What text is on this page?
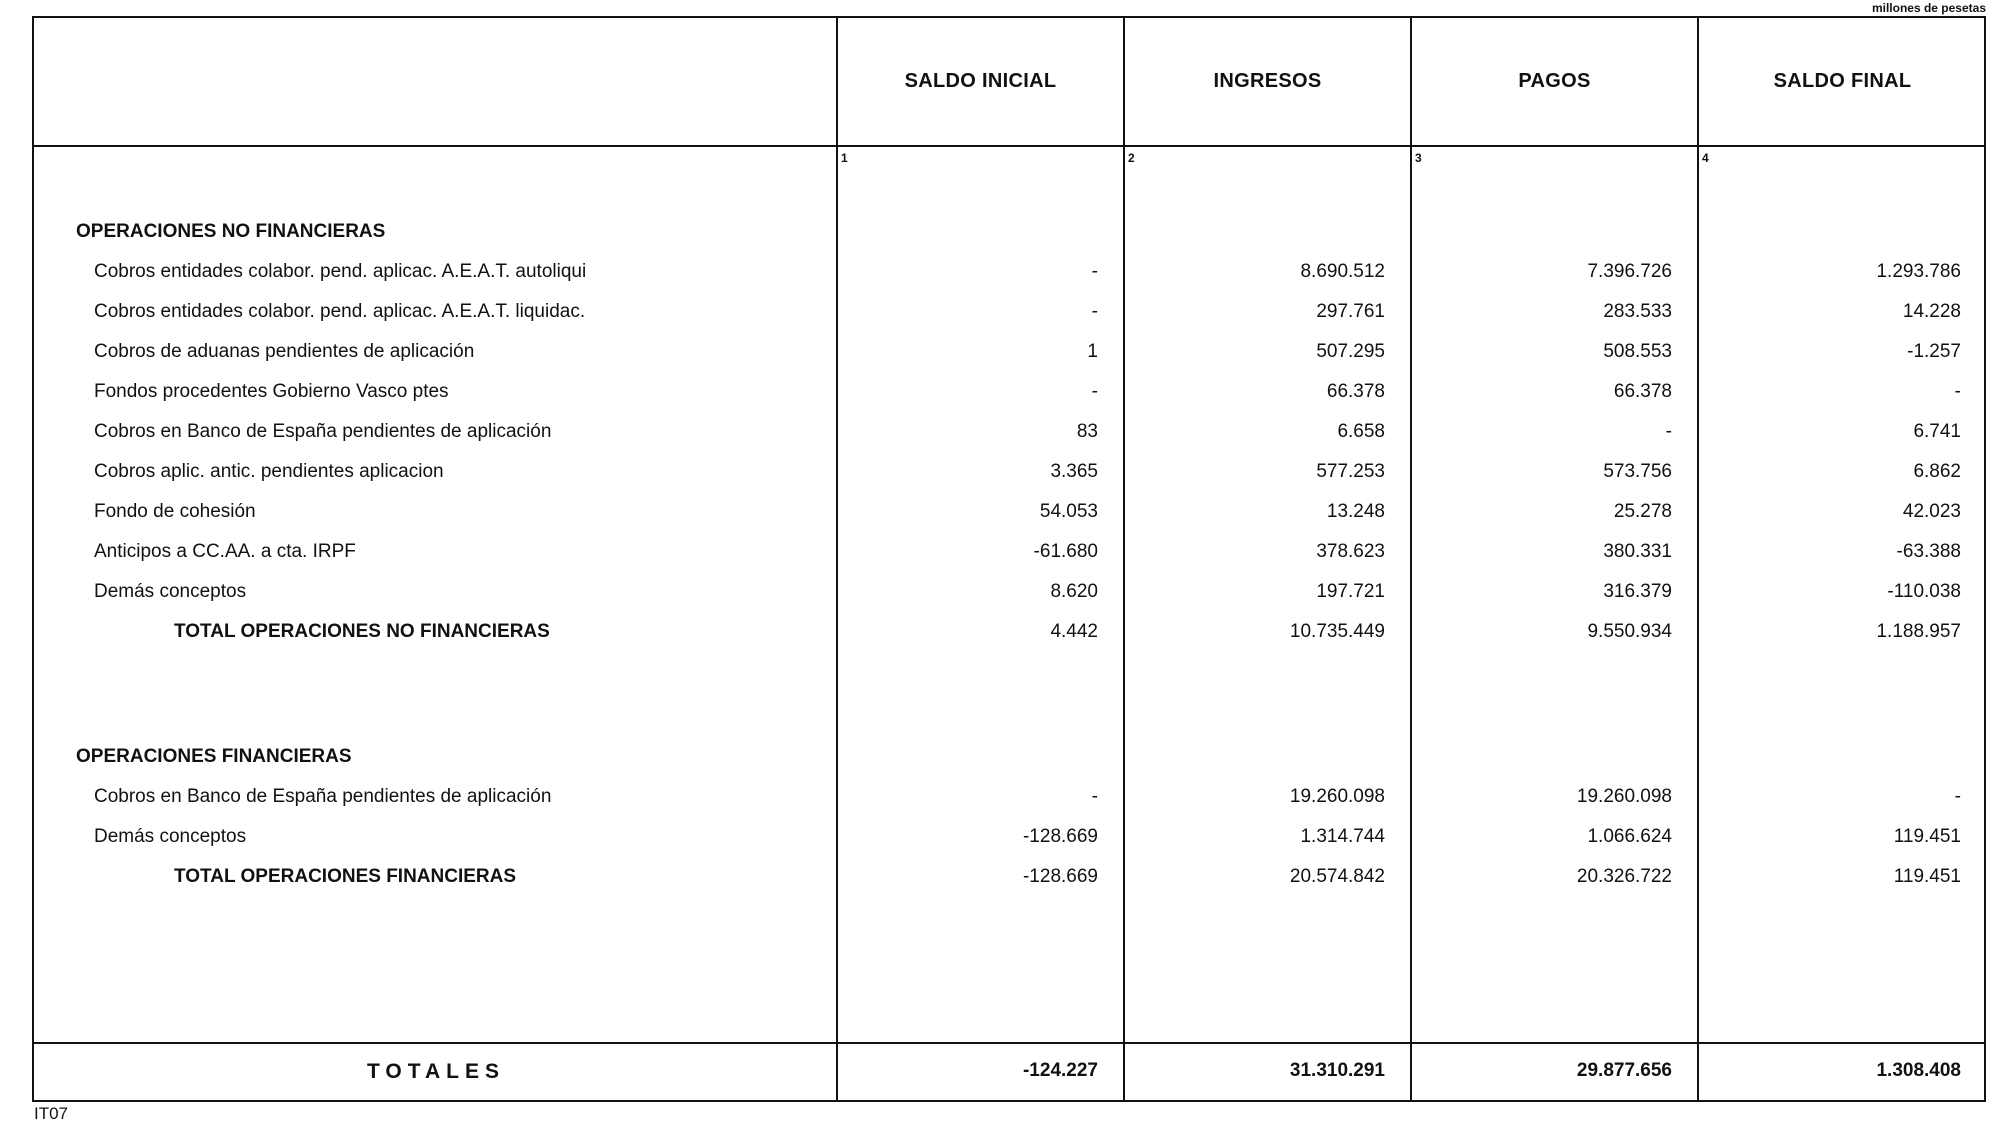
millones de pesetas
SALDO INICIAL	INGRESOS	PAGOS	SALDO FINAL
1	2	3	4
OPERACIONES NO FINANCIERAS
Cobros entidades colabor. pend. aplicac. A.E.A.T. autoliqui	-	8.690.512	7.396.726	1.293.786
Cobros entidades colabor. pend. aplicac. A.E.A.T. liquidac.	-	297.761	283.533	14.228
Cobros de aduanas pendientes de aplicación	1	507.295	508.553	-1.257
Fondos procedentes Gobierno Vasco ptes	-	66.378	66.378	-
Cobros en Banco de España pendientes de aplicación	83	6.658	-	6.741
Cobros aplic. antic. pendientes aplicacion	3.365	577.253	573.756	6.862
Fondo de cohesión	54.053	13.248	25.278	42.023
Anticipos a CC.AA. a cta. IRPF	-61.680	378.623	380.331	-63.388
Demás conceptos	8.620	197.721	316.379	-110.038
TOTAL OPERACIONES NO FINANCIERAS	4.442	10.735.449	9.550.934	1.188.957
OPERACIONES FINANCIERAS
Cobros en Banco de España pendientes de aplicación	-	19.260.098	19.260.098	-
Demás conceptos	-128.669	1.314.744	1.066.624	119.451
TOTAL OPERACIONES FINANCIERAS	-128.669	20.574.842	20.326.722	119.451
TOTALES	-124.227	31.310.291	29.877.656	1.308.408
IT07
